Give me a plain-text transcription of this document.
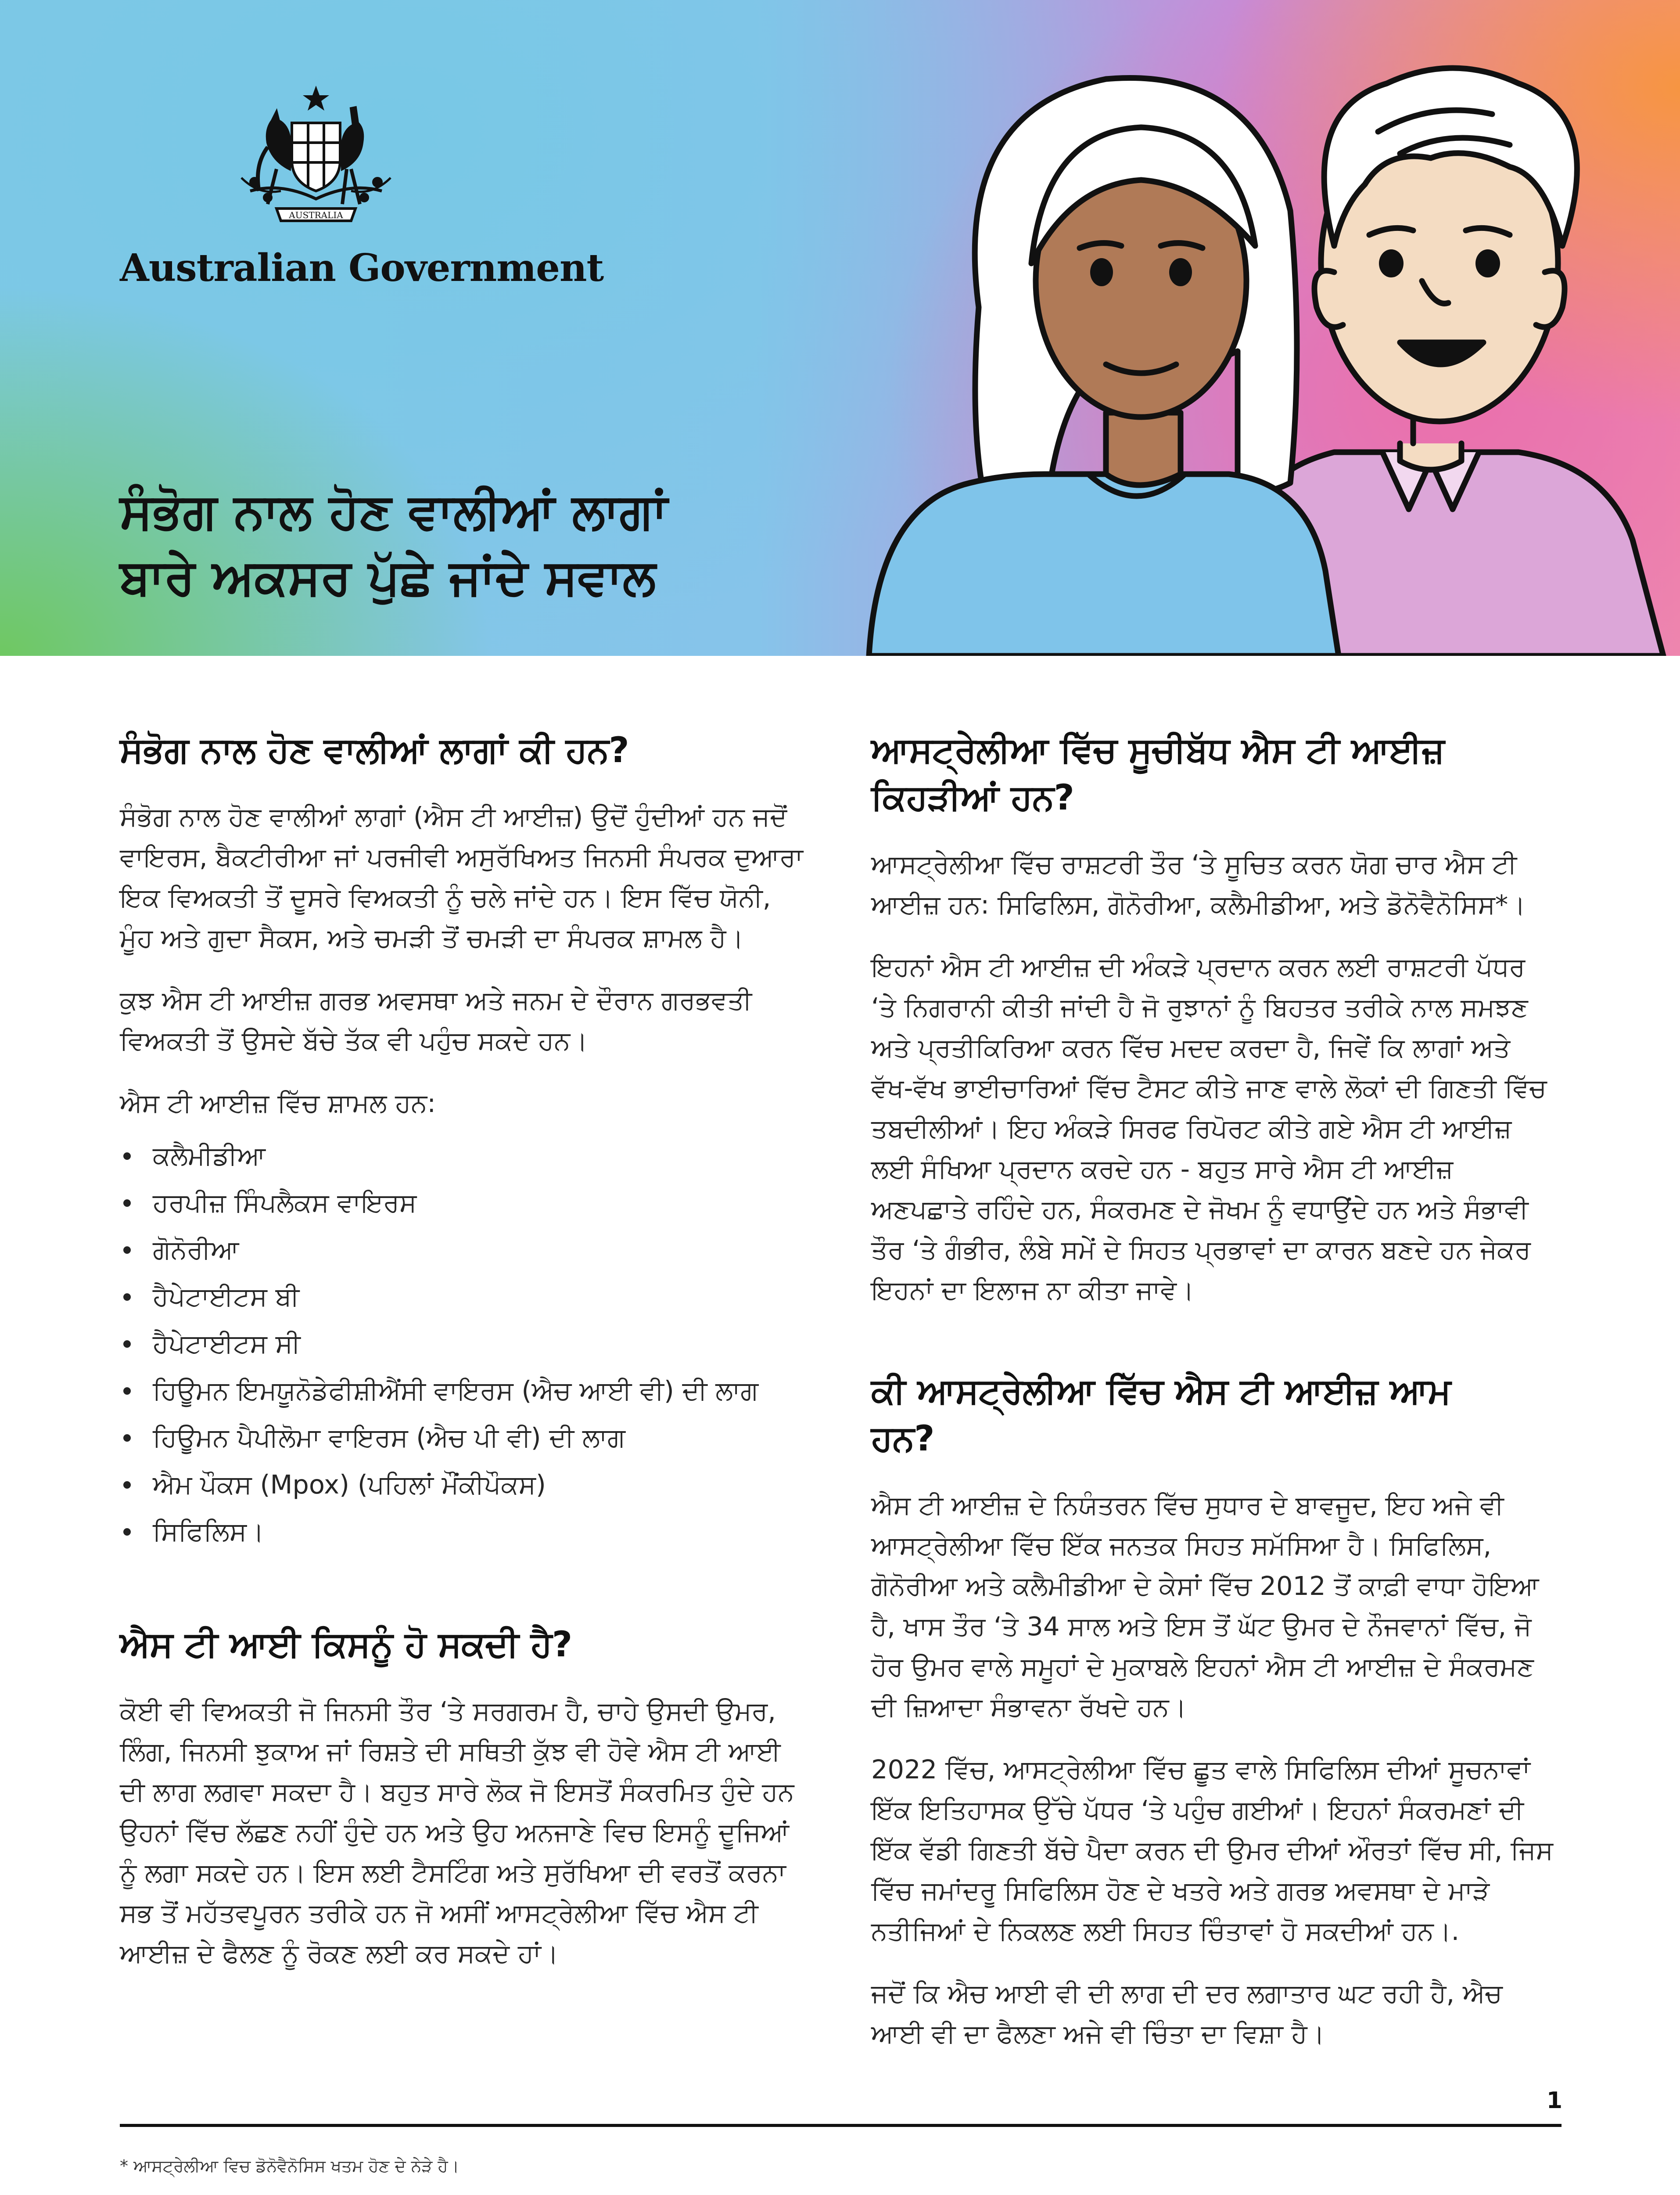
AUSTRALIA
Australian Government
ਸੰਭੋਗ ਨਾਲ ਹੋਣ ਵਾਲੀਆਂ ਲਾਗਾਂ
ਬਾਰੇ ਅਕਸਰ ਪੁੱਛੇ ਜਾਂਦੇ ਸਵਾਲ
ਸੰਭੋਗ ਨਾਲ ਹੋਣ ਵਾਲੀਆਂ ਲਾਗਾਂ ਕੀ ਹਨ?

ਸੰਭੋਗ ਨਾਲ ਹੋਣ ਵਾਲੀਆਂ ਲਾਗਾਂ (ਐਸ ਟੀ ਆਈਜ਼) ਉਦੋਂ ਹੁੰਦੀਆਂ ਹਨ ਜਦੋਂ ਵਾਇਰਸ, ਬੈਕਟੀਰੀਆ ਜਾਂ ਪਰਜੀਵੀ ਅਸੁਰੱਖਿਅਤ ਜਿਨਸੀ ਸੰਪਰਕ ਦੁਆਰਾ ਇਕ ਵਿਅਕਤੀ ਤੋਂ ਦੂਸਰੇ ਵਿਅਕਤੀ ਨੂੰ ਚਲੇ ਜਾਂਦੇ ਹਨ। ਇਸ ਵਿੱਚ ਯੋਨੀ, ਮੂੰਹ ਅਤੇ ਗੁਦਾ ਸੈਕਸ, ਅਤੇ ਚਮੜੀ ਤੋਂ ਚਮੜੀ ਦਾ ਸੰਪਰਕ ਸ਼ਾਮਲ ਹੈ।

ਕੁਝ ਐਸ ਟੀ ਆਈਜ਼ ਗਰਭ ਅਵਸਥਾ ਅਤੇ ਜਨਮ ਦੇ ਦੌਰਾਨ ਗਰਭਵਤੀ ਵਿਅਕਤੀ ਤੋਂ ਉਸਦੇ ਬੱਚੇ ਤੱਕ ਵੀ ਪਹੁੰਚ ਸਕਦੇ ਹਨ।

ਐਸ ਟੀ ਆਈਜ਼ ਵਿੱਚ ਸ਼ਾਮਲ ਹਨ:

ਕਲੈਮੀਡੀਆ
ਹਰਪੀਜ਼ ਸਿੰਪਲੈਕਸ ਵਾਇਰਸ
ਗੋਨੋਰੀਆ
ਹੈਪੇਟਾਈਟਸ ਬੀ
ਹੈਪੇਟਾਈਟਸ ਸੀ
ਹਿਊਮਨ ਇਮਯੂਨੋਡੇਫੀਸ਼ੀਐਂਸੀ ਵਾਇਰਸ (ਐਚ ਆਈ ਵੀ) ਦੀ ਲਾਗ
ਹਿਊਮਨ ਪੈਪੀਲੋਮਾ ਵਾਇਰਸ (ਐਚ ਪੀ ਵੀ) ਦੀ ਲਾਗ
ਐਮ ਪੌਕਸ (Mpox) (ਪਹਿਲਾਂ ਮੌਂਕੀਪੌਕਸ)
ਸਿਫਿਲਿਸ।
ਐਸ ਟੀ ਆਈ ਕਿਸਨੂੰ ਹੋ ਸਕਦੀ ਹੈ?

ਕੋਈ ਵੀ ਵਿਅਕਤੀ ਜੋ ਜਿਨਸੀ ਤੌਰ ‘ਤੇ ਸਰਗਰਮ ਹੈ, ਚਾਹੇ ਉਸਦੀ ਉਮਰ, ਲਿੰਗ, ਜਿਨਸੀ ਝੁਕਾਅ ਜਾਂ ਰਿਸ਼ਤੇ ਦੀ ਸਥਿਤੀ ਕੁੱਝ ਵੀ ਹੋਵੇ ਐਸ ਟੀ ਆਈ ਦੀ ਲਾਗ ਲਗਵਾ ਸਕਦਾ ਹੈ। ਬਹੁਤ ਸਾਰੇ ਲੋਕ ਜੋ ਇਸਤੋਂ ਸੰਕਰਮਿਤ ਹੁੰਦੇ ਹਨ ਉਹਨਾਂ ਵਿੱਚ ਲੱਛਣ ਨਹੀਂ ਹੁੰਦੇ ਹਨ ਅਤੇ ਉਹ ਅਨਜਾਣੇ ਵਿਚ ਇਸਨੂੰ ਦੂਜਿਆਂ ਨੂੰ ਲਗਾ ਸਕਦੇ ਹਨ। ਇਸ ਲਈ ਟੈਸਟਿੰਗ ਅਤੇ ਸੁਰੱਖਿਆ ਦੀ ਵਰਤੋਂ ਕਰਨਾ ਸਭ ਤੋਂ ਮਹੱਤਵਪੂਰਨ ਤਰੀਕੇ ਹਨ ਜੋ ਅਸੀਂ ਆਸਟ੍ਰੇਲੀਆ ਵਿੱਚ ਐਸ ਟੀ ਆਈਜ਼ ਦੇ ਫੈਲਣ ਨੂੰ ਰੋਕਣ ਲਈ ਕਰ ਸਕਦੇ ਹਾਂ।

ਆਸਟ੍ਰੇਲੀਆ ਵਿੱਚ ਸੂਚੀਬੱਧ ਐਸ ਟੀ ਆਈਜ਼ ਕਿਹੜੀਆਂ ਹਨ?

ਆਸਟ੍ਰੇਲੀਆ ਵਿੱਚ ਰਾਸ਼ਟਰੀ ਤੌਰ ‘ਤੇ ਸੂਚਿਤ ਕਰਨ ਯੋਗ ਚਾਰ ਐਸ ਟੀ ਆਈਜ਼ ਹਨ: ਸਿਫਿਲਿਸ, ਗੋਨੋਰੀਆ, ਕਲੈਮੀਡੀਆ, ਅਤੇ ਡੋਨੋਵੈਨੋਸਿਸ*।

ਇਹਨਾਂ ਐਸ ਟੀ ਆਈਜ਼ ਦੀ ਅੰਕੜੇ ਪ੍ਰਦਾਨ ਕਰਨ ਲਈ ਰਾਸ਼ਟਰੀ ਪੱਧਰ ‘ਤੇ ਨਿਗਰਾਨੀ ਕੀਤੀ ਜਾਂਦੀ ਹੈ ਜੋ ਰੁਝਾਨਾਂ ਨੂੰ ਬਿਹਤਰ ਤਰੀਕੇ ਨਾਲ ਸਮਝਣ ਅਤੇ ਪ੍ਰਤੀਕਿਰਿਆ ਕਰਨ ਵਿੱਚ ਮਦਦ ਕਰਦਾ ਹੈ, ਜਿਵੇਂ ਕਿ ਲਾਗਾਂ ਅਤੇ ਵੱਖ-ਵੱਖ ਭਾਈਚਾਰਿਆਂ ਵਿੱਚ ਟੈਸਟ ਕੀਤੇ ਜਾਣ ਵਾਲੇ ਲੋਕਾਂ ਦੀ ਗਿਣਤੀ ਵਿੱਚ ਤਬਦੀਲੀਆਂ। ਇਹ ਅੰਕੜੇ ਸਿਰਫ ਰਿਪੋਰਟ ਕੀਤੇ ਗਏ ਐਸ ਟੀ ਆਈਜ਼ ਲਈ ਸੰਖਿਆ ਪ੍ਰਦਾਨ ਕਰਦੇ ਹਨ - ਬਹੁਤ ਸਾਰੇ ਐਸ ਟੀ ਆਈਜ਼ ਅਣਪਛਾਤੇ ਰਹਿੰਦੇ ਹਨ, ਸੰਕਰਮਣ ਦੇ ਜੋਖਮ ਨੂੰ ਵਧਾਉਂਦੇ ਹਨ ਅਤੇ ਸੰਭਾਵੀ ਤੌਰ ‘ਤੇ ਗੰਭੀਰ, ਲੰਬੇ ਸਮੇਂ ਦੇ ਸਿਹਤ ਪ੍ਰਭਾਵਾਂ ਦਾ ਕਾਰਨ ਬਣਦੇ ਹਨ ਜੇਕਰ ਇਹਨਾਂ ਦਾ ਇਲਾਜ ਨਾ ਕੀਤਾ ਜਾਵੇ।

ਕੀ ਆਸਟ੍ਰੇਲੀਆ ਵਿੱਚ ਐਸ ਟੀ ਆਈਜ਼ ਆਮ ਹਨ?

ਐਸ ਟੀ ਆਈਜ਼ ਦੇ ਨਿਯੰਤਰਨ ਵਿੱਚ ਸੁਧਾਰ ਦੇ ਬਾਵਜੂਦ, ਇਹ ਅਜੇ ਵੀ ਆਸਟ੍ਰੇਲੀਆ ਵਿੱਚ ਇੱਕ ਜਨਤਕ ਸਿਹਤ ਸਮੱਸਿਆ ਹੈ। ਸਿਫਿਲਿਸ, ਗੋਨੋਰੀਆ ਅਤੇ ਕਲੈਮੀਡੀਆ ਦੇ ਕੇਸਾਂ ਵਿੱਚ 2012 ਤੋਂ ਕਾਫ਼ੀ ਵਾਧਾ ਹੋਇਆ ਹੈ, ਖਾਸ ਤੌਰ ‘ਤੇ 34 ਸਾਲ ਅਤੇ ਇਸ ਤੋਂ ਘੱਟ ਉਮਰ ਦੇ ਨੌਜਵਾਨਾਂ ਵਿੱਚ, ਜੋ ਹੋਰ ਉਮਰ ਵਾਲੇ ਸਮੂਹਾਂ ਦੇ ਮੁਕਾਬਲੇ ਇਹਨਾਂ ਐਸ ਟੀ ਆਈਜ਼ ਦੇ ਸੰਕਰਮਣ ਦੀ ਜ਼ਿਆਦਾ ਸੰਭਾਵਨਾ ਰੱਖਦੇ ਹਨ।

2022 ਵਿੱਚ, ਆਸਟ੍ਰੇਲੀਆ ਵਿੱਚ ਛੂਤ ਵਾਲੇ ਸਿਫਿਲਿਸ ਦੀਆਂ ਸੂਚਨਾਵਾਂ ਇੱਕ ਇਤਿਹਾਸਕ ਉੱਚੇ ਪੱਧਰ ‘ਤੇ ਪਹੁੰਚ ਗਈਆਂ। ਇਹਨਾਂ ਸੰਕਰਮਣਾਂ ਦੀ ਇੱਕ ਵੱਡੀ ਗਿਣਤੀ ਬੱਚੇ ਪੈਦਾ ਕਰਨ ਦੀ ਉਮਰ ਦੀਆਂ ਔਰਤਾਂ ਵਿੱਚ ਸੀ, ਜਿਸ ਵਿੱਚ ਜਮਾਂਦਰੂ ਸਿਫਿਲਿਸ ਹੋਣ ਦੇ ਖਤਰੇ ਅਤੇ ਗਰਭ ਅਵਸਥਾ ਦੇ ਮਾੜੇ ਨਤੀਜਿਆਂ ਦੇ ਨਿਕਲਣ ਲਈ ਸਿਹਤ ਚਿੰਤਾਵਾਂ ਹੋ ਸਕਦੀਆਂ ਹਨ।.

ਜਦੋਂ ਕਿ ਐਚ ਆਈ ਵੀ ਦੀ ਲਾਗ ਦੀ ਦਰ ਲਗਾਤਾਰ ਘਟ ਰਹੀ ਹੈ, ਐਚ ਆਈ ਵੀ ਦਾ ਫੈਲਣਾ ਅਜੇ ਵੀ ਚਿੰਤਾ ਦਾ ਵਿਸ਼ਾ ਹੈ।

1
* ਆਸਟ੍ਰੇਲੀਆ ਵਿਚ ਡੋਨੋਵੈਨੋਸਿਸ ਖਤਮ ਹੋਣ ਦੇ ਨੇੜੇ ਹੈ।
